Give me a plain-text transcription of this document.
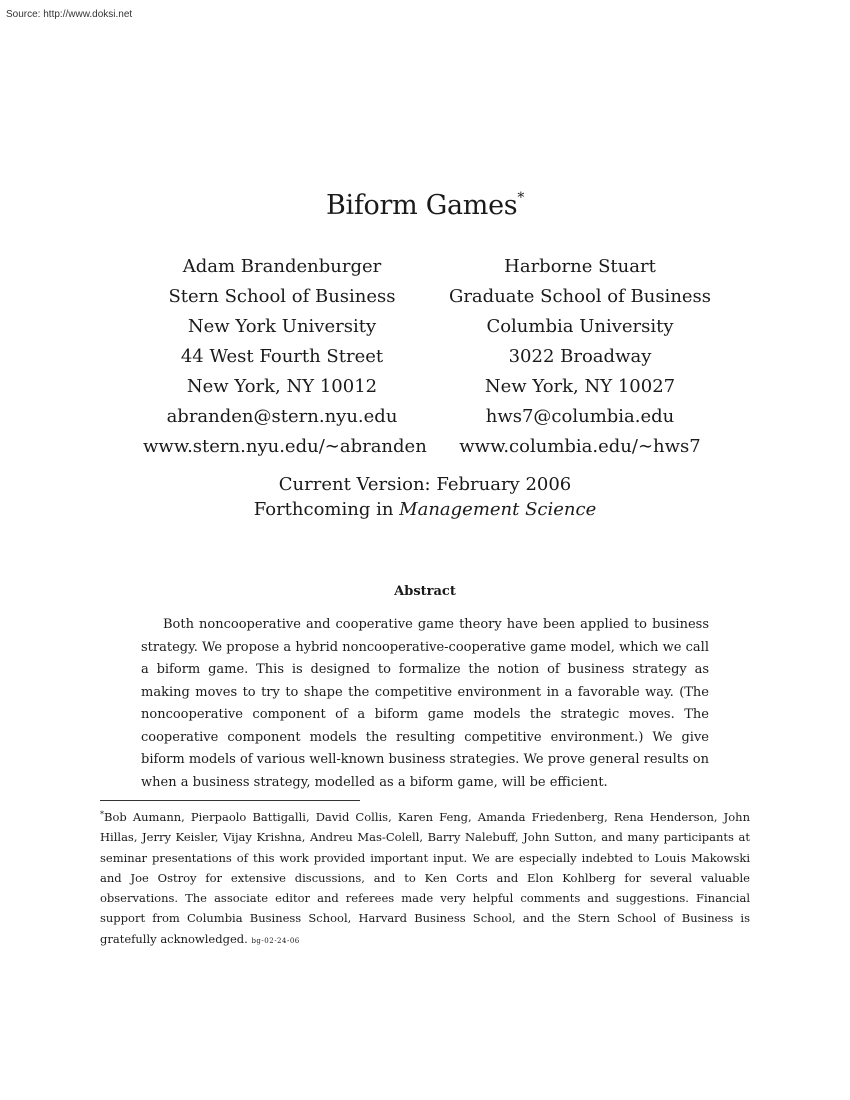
Source: http://www.doksi.net
Biform Games*
Adam Brandenburger
Stern School of Business
New York University
44 West Fourth Street
New York, NY 10012
abranden@stern.nyu.edu
www.stern.nyu.edu/∼abranden
Harborne Stuart
Graduate School of Business
Columbia University
3022 Broadway
New York, NY 10027
hws7@columbia.edu
www.columbia.edu/∼hws7
Current Version: February 2006
Forthcoming in Management Science
Abstract
Both noncooperative and cooperative game theory have been applied to business strategy. We propose a hybrid noncooperative-cooperative game model, which we call a biform game. This is designed to formalize the notion of business strategy as making moves to try to shape the competitive environment in a favorable way. (The noncooperative component of a biform game models the strategic moves. The cooperative component models the resulting competitive environment.) We give biform models of various well-known business strategies. We prove general results on when a business strategy, modelled as a biform game, will be efficient.
*Bob Aumann, Pierpaolo Battigalli, David Collis, Karen Feng, Amanda Friedenberg, Rena Henderson, John Hillas, Jerry Keisler, Vijay Krishna, Andreu Mas-Colell, Barry Nalebuff, John Sutton, and many participants at seminar presentations of this work provided important input. We are especially indebted to Louis Makowski and Joe Ostroy for extensive discussions, and to Ken Corts and Elon Kohlberg for several valuable observations. The associate editor and referees made very helpful comments and suggestions. Financial support from Columbia Business School, Harvard Business School, and the Stern School of Business is gratefully acknowledged. bg-02-24-06
